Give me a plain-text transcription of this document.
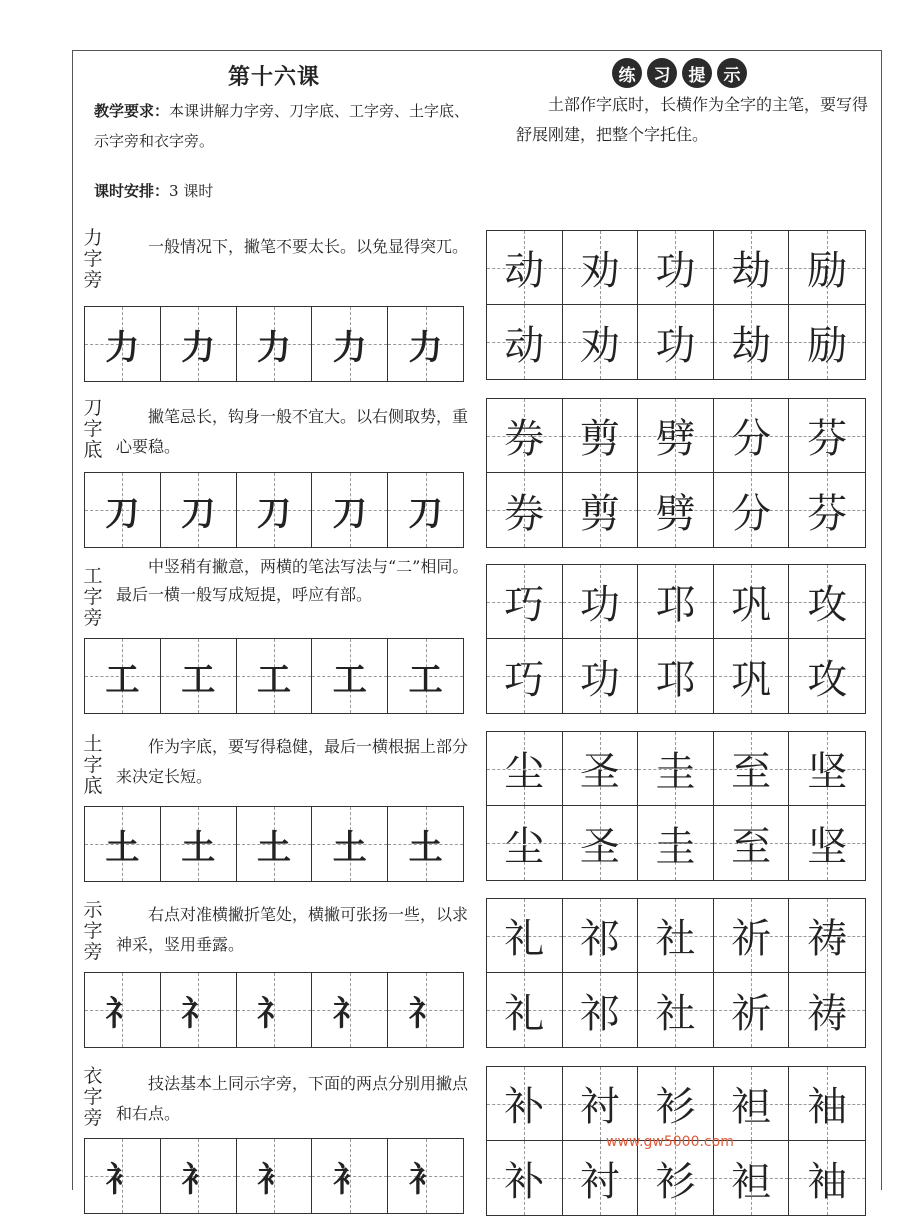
第十六课
教学要求：本课讲解力字旁、刀字底、工字旁、土字底、示字旁和衣字旁。
课时安排：3 课时
练	习	提	示
土部作字底时，长横作为全字的主笔，要写得舒展刚建，把整个字托住。
力
字
旁
一般情况下，撇笔不要太长。以免显得突兀。
力 力 力 力 力
动 劝 功 劫 励
动 劝 功 劫 励
刀
字
底
撇笔忌长，钩身一般不宜大。以右侧取势，重心要稳。
刀 刀 刀 刀 刀
券 剪 劈 分 芬
券 剪 劈 分 芬
工
字
旁
中竖稍有撇意，两横的笔法写法与“二”相同。最后一横一般写成短提，呼应有部。
工 工 工 工 工
巧 功 邛 巩 攻
巧 功 邛 巩 攻
土
字
底
作为字底，要写得稳健，最后一横根据上部分来决定长短。
土 土 土 土 土
尘 圣 圭 至 坚
尘 圣 圭 至 坚
示
字
旁
右点对准横撇折笔处，横撇可张扬一些，以求神采，竖用垂露。
礻 礻 礻 礻 礻
礼 祁 社 祈 祷
礼 祁 社 祈 祷
衣
字
旁
技法基本上同示字旁，下面的两点分别用撇点和右点。
衤 衤 衤 衤 衤
补 衬 衫 袒 袖
补 衬 衫 袒 袖
www.gw5000.com
